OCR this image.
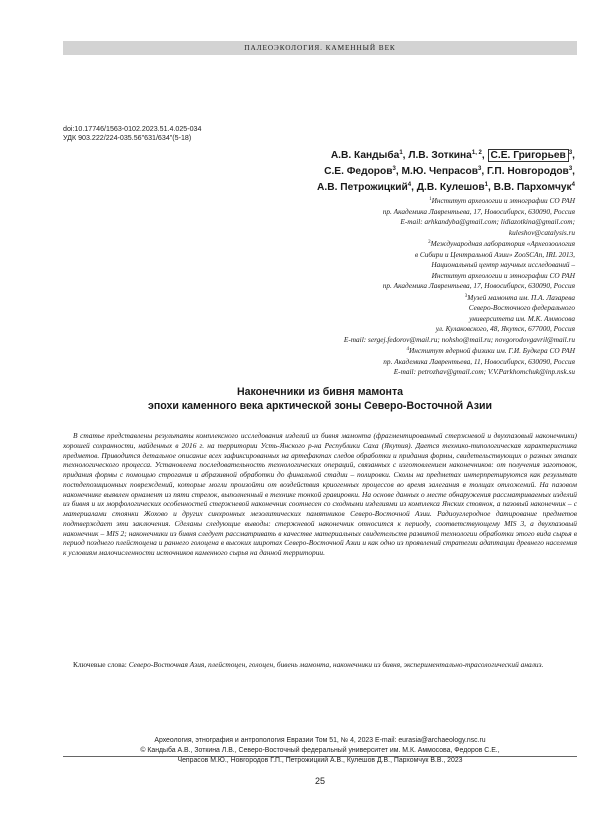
ПАЛЕОЭКОЛОГИЯ. КАМЕННЫЙ ВЕК
doi:10.17746/1563-0102.2023.51.4.025-034
УДК 903.222/224-035.56"631/634"(5-18)
А.В. Кандыба$^1$, Л.В. Зоткина$^{1, 2}$, С.Е. Григорьев $^3$,
С.Е. Федоров$^3$, М.Ю. Чепрасов$^3$, Г.П. Новгородов$^3$,
А.В. Петрожицкий$^4$, Д.В. Кулешов$^1$, В.В. Пархомчук$^4$
$^1$Институт археологии и этнографии СО РАН
пр. Академика Лаврентьева, 17, Новосибирск, 630090, Россия
E-mail: arhkandyba@gmail.com; lidiazotkina@gmail.com;
kuleshov@catalysis.ru
$^2$Международная лаборатория «Археозоология
в Сибири и Центральной Азии» ZooSCAn, IRL 2013,
Национальный центр научных исследований –
Институт археологии и этнографии СО РАН
пр. Академика Лаврентьева, 17, Новосибирск, 630090, Россия
$^3$Музей мамонта им. П.А. Лазарева
Северо-Восточного федерального
университета им. М.К. Аммосова
ул. Кулаковского, 48, Якутск, 677000, Россия
E-mail: sergej.fedorov@mail.ru; nohsho@mail.ru; novgorodovgavril@mail.ru
$^4$Институт ядерной физики им. Г.И. Будкера СО РАН
пр. Академика Лаврентьева, 11, Новосибирск, 630090, Россия
E-mail: petrozhav@gmail.com; V.V.Parkhomchuk@inp.nsk.su
Наконечники из бивня мамонта
эпохи каменного века арктической зоны Северо-Восточной Азии
В статье представлены результаты комплексного исследования изделий из бивня мамонта (фрагментированный стержневой и двухпазовый наконечники) хорошей сохранности, найденных в 2016 г. на территории Усть-Янского р-на Республики Саха (Якутия). Дается технико-типологическая характеристика предметов. Приводится детальное описание всех зафиксированных на артефактах следов обработки и придания формы, свидетельствующих о разных этапах технологического процесса. Установлена последовательность технологических операций, связанных с изготовлением наконечников: от получения заготовок, придания формы с помощью строгания и абразивной обработки до финальной стадии – полировки. Сколы на предметах интерпретируются как результат постдепозиционных повреждений, которые могли произойти от воздействия криогенных процессов во время залегания в толщах отложений. На пазовом наконечнике выявлен орнамент из пяти стрелок, выполненный в технике тонкой гравировки. На основе данных о месте обнаружения рассматриваемых изделий из бивня и их морфологических особенностей стержневой наконечник соотнесен со сходными изделиями из комплекса Янских стоянок, а пазовый наконечник – с материалами стоянки Жохово и других синхронных мезолитических памятников Северо-Восточной Азии. Радиоуглеродное датирование предметов подтверждает эти заключения. Сделаны следующие выводы: стержневой наконечник относится к периоду, соответствующему MIS 3, а двухпазовый наконечник – MIS 2; наконечники из бивня следует рассматривать в качестве материальных свидетельств развитой технологии обработки этого вида сырья в период позднего плейстоцена и раннего голоцена в высоких широтах Северо-Восточной Азии и как одно из проявлений стратегии адаптации древнего населения к условиям малочисленности источников каменного сырья на данной территории.
Ключевые слова: Северо-Восточная Азия, плейстоцен, голоцен, бивень мамонта, наконечники из бивня, экспериментально-трасологический анализ.
Археология, этнография и антропология Евразии Том 51, № 4, 2023 E-mail: eurasia@archaeology.nsc.ru
© Кандыба А.В., Зоткина Л.В., Северо-Восточный федеральный университет им. М.К. Аммосова, Федоров С.Е.,
Чепрасов М.Ю., Новгородов Г.П., Петрожицкий А.В., Кулешов Д.В., Пархомчук В.В., 2023
25
